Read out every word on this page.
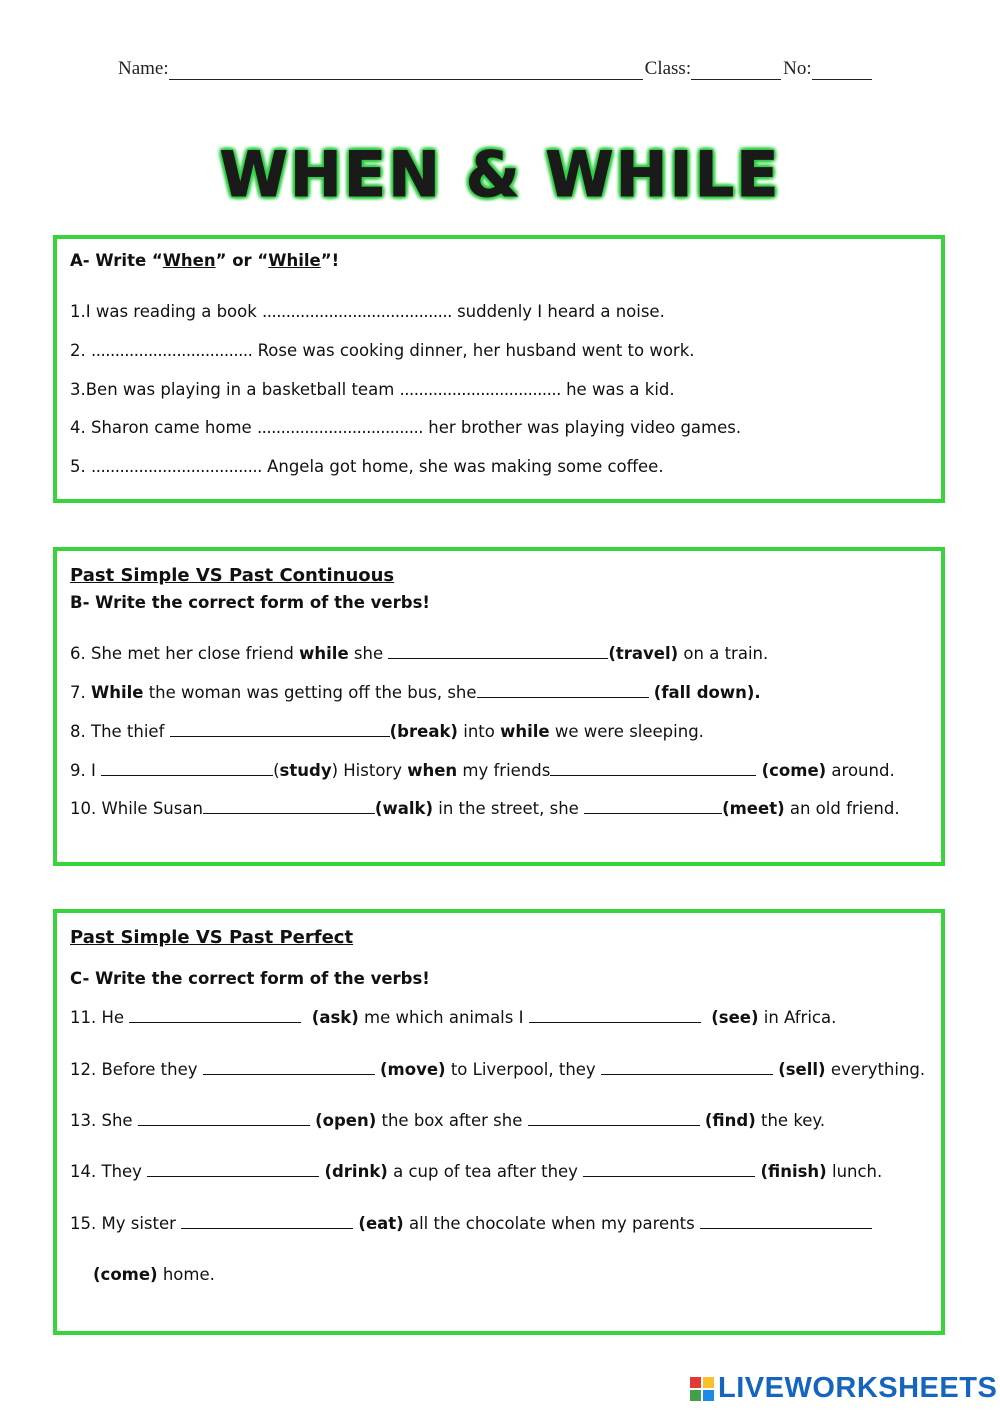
Name:	Class:	No:
WHEN & WHILE
A- Write “When” or “While”!
1.I was reading a book ........................................ suddenly I heard a noise.
2. .................................. Rose was cooking dinner, her husband went to work.
3.Ben was playing in a basketball team .................................. he was a kid.
4. Sharon came home ................................... her brother was playing video games.
5. .................................... Angela got home, she was making some coffee.
Past Simple VS Past Continuous
B- Write the correct form of the verbs!
6. She met her close friend while she	(travel) on a train.
7. While the woman was getting off the bus, she	(fall down).
8. The thief	(break) into while we were sleeping.
9. I	(study) History when my friends	(come) around.
10. While Susan	(walk) in the street, she	(meet) an old friend.
Past Simple VS Past Perfect
C- Write the correct form of the verbs!
11. He	(ask) me which animals I	(see) in Africa.
12. Before they	(move) to Liverpool, they	(sell) everything.
13. She	(open) the box after she	(find) the key.
14. They	(drink) a cup of tea after they	(finish) lunch.
15. My sister	(eat) all the chocolate when my parents
(come) home.
LIVEWORKSHEETS
